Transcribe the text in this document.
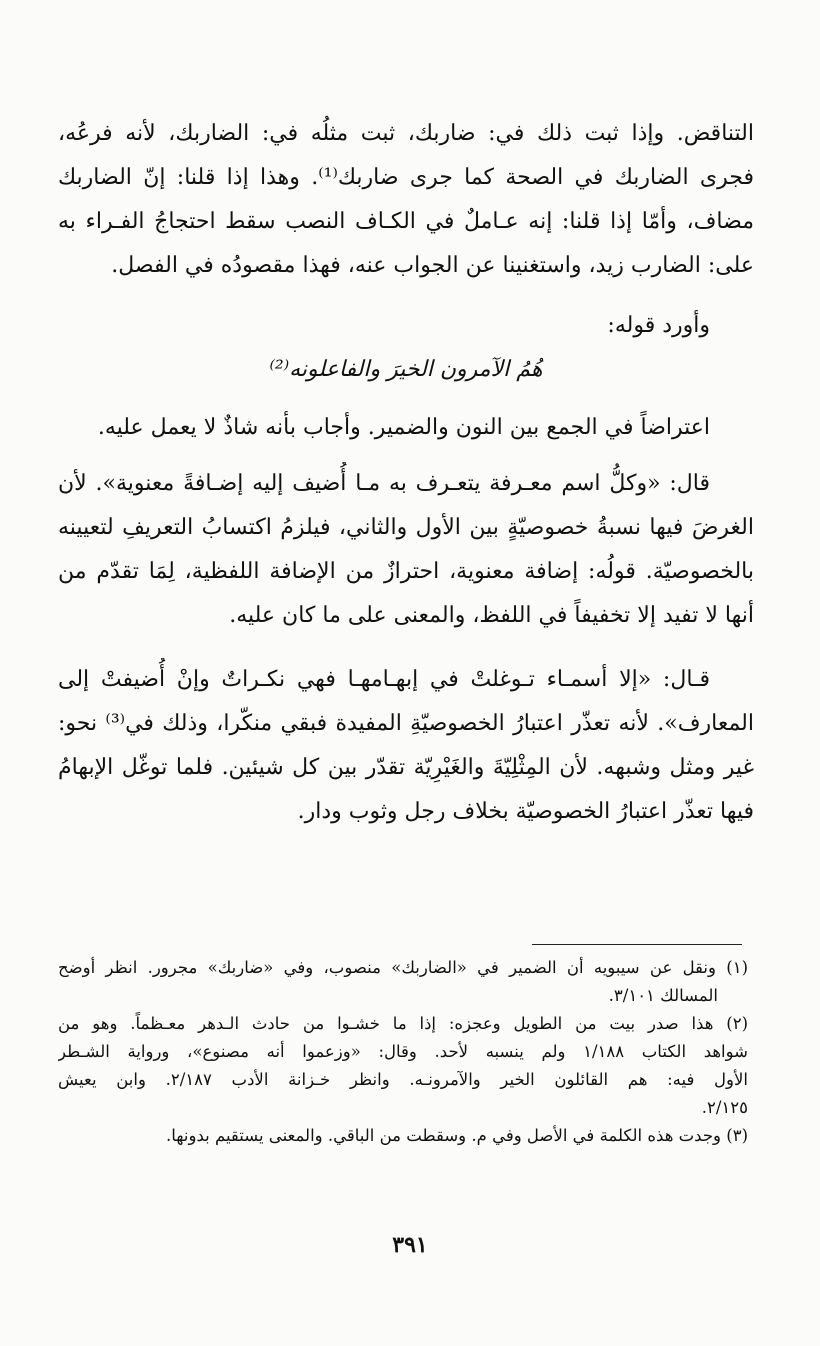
التناقض. وإذا ثبت ذلك في: ضاربك، ثبت مثلُه في: الضاربك، لأنه فرعُه،
فجرى الضاربك في الصحة كما جرى ضاربك⁽¹⁾. وهذا إذا قلنا: إنّ الضاربك
مضاف، وأمّا إذا قلنا: إنه عـاملٌ في الكـاف النصب سقط احتجاجُ الفـراء به
على: الضارب زيد، واستغنينا عن الجواب عنه، فهذا مقصودُه في الفصل.
وأورد قوله:
هُمُ الآمرون الخيرَ والفاعلونه⁽²⁾
اعتراضاً في الجمع بين النون والضمير. وأجاب بأنه شاذٌ لا يعمل عليه.
قال: «وكلُّ اسم معـرفة يتعـرف به مـا أُضيف إليه إضـافةً معنوية». لأن
الغرضَ فيها نسبةُ خصوصيّةٍ بين الأول والثاني، فيلزمُ اكتسابُ التعريفِ لتعيينه
بالخصوصيّة. قولُه: إضافة معنوية، احترازٌ من الإضافة اللفظية، لِمَا تقدّم من
أنها لا تفيد إلا تخفيفاً في اللفظ، والمعنى على ما كان عليه.
قـال: «إلا أسمـاء تـوغلتْ في إبهـامهـا فهي نكـراتٌ وإنْ أُضيفتْ إلى
المعارف». لأنه تعذّر اعتبارُ الخصوصيّةِ المفيدة فبقي منكّرا، وذلك في⁽³⁾ نحو:
غير ومثل وشبهه. لأن المِثْلِيّةَ والغَيْرِيّة تقدّر بين كل شيئين. فلما توغّل الإبهامُ
فيها تعذّر اعتبارُ الخصوصيّة بخلاف رجل وثوب ودار.
(١) ونقل عن سيبويه أن الضمير في «الضاربك» منصوب، وفي «ضاربك» مجرور. انظر أوضح
المسالك ٣/١٠١.
(٢) هذا صدر بيت من الطويل وعجزه: إذا ما خشـوا من حادث الـدهر معـظماً. وهو من
شواهد الكتاب ١/١٨٨ ولم ينسبه لأحد. وقال: «وزعموا أنه مصنوع»، ورواية الشـطر
الأول فيه: هم القائلون الخير والآمرونـه. وانظر خـزانة الأدب ٢/١٨٧. وابن يعيش
٢/١٢٥.
(٣) وجدت هذه الكلمة في الأصل وفي م. وسقطت من الباقي. والمعنى يستقيم بدونها.
٣٩١
